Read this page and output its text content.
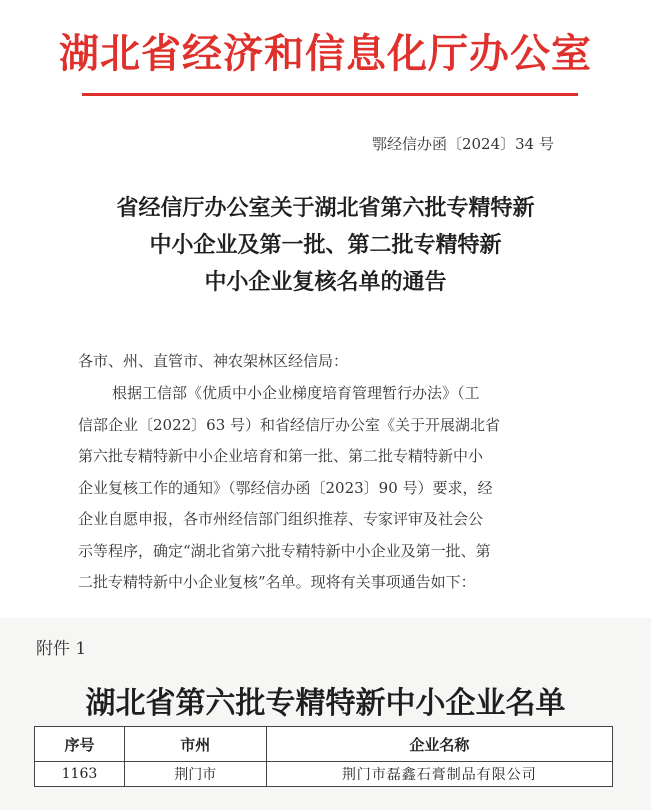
湖北省经济和信息化厅办公室
鄂经信办函〔2024〕34 号
省经信厅办公室关于湖北省第六批专精特新
中小企业及第一批、第二批专精特新
中小企业复核名单的通告
各市、州、直管市、神农架林区经信局：
根据工信部《优质中小企业梯度培育管理暂行办法》（工
信部企业〔2022〕63 号）和省经信厅办公室《关于开展湖北省
第六批专精特新中小企业培育和第一批、第二批专精特新中小
企业复核工作的通知》（鄂经信办函〔2023〕90 号）要求，经
企业自愿申报，各市州经信部门组织推荐、专家评审及社会公
示等程序，确定“湖北省第六批专精特新中小企业及第一批、第
二批专精特新中小企业复核”名单。现将有关事项通告如下：
附件 1
湖北省第六批专精特新中小企业名单
序号	市州	企业名称
1163	荆门市	荆门市磊鑫石膏制品有限公司
